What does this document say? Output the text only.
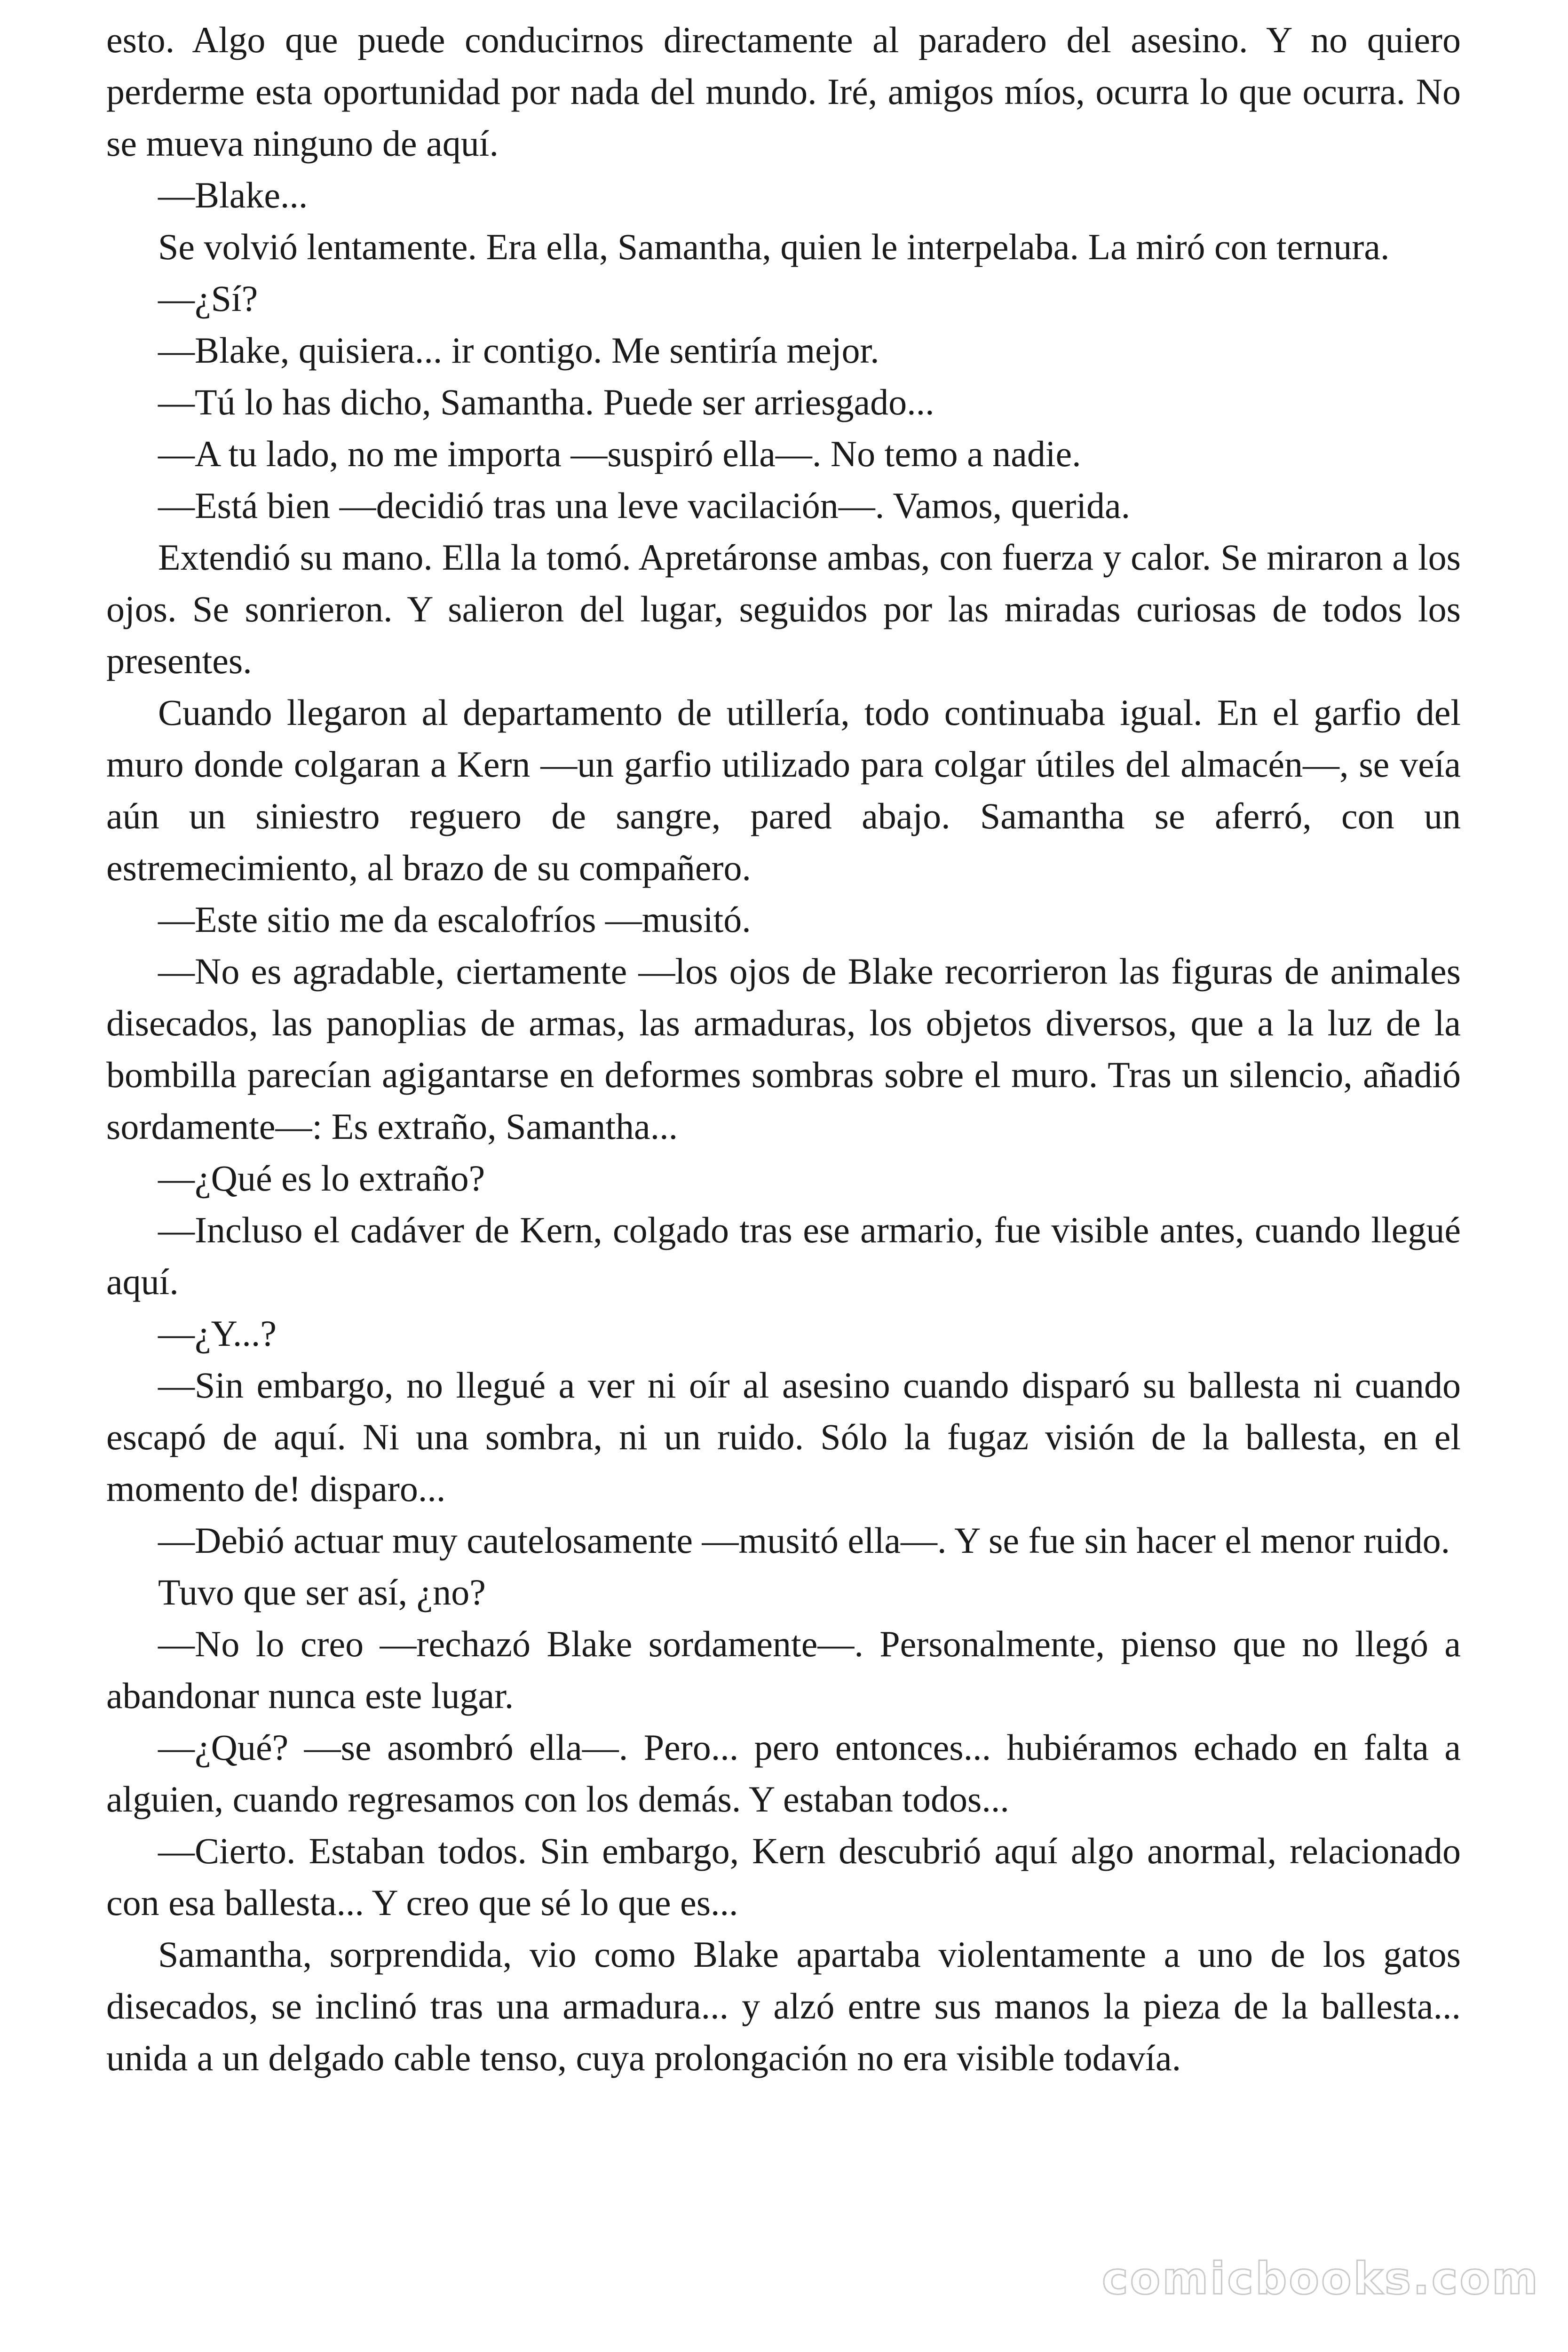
esto. Algo que puede conducirnos directamente al paradero del asesino. Y no quiero perderme esta oportunidad por nada del mundo. Iré, amigos míos, ocurra lo que ocurra. No se mueva ninguno de aquí.

—Blake...

Se volvió lentamente. Era ella, Samantha, quien le interpelaba. La miró con ternura.

—¿Sí?

—Blake, quisiera... ir contigo. Me sentiría mejor.

—Tú lo has dicho, Samantha. Puede ser arriesgado...

—A tu lado, no me importa —suspiró ella—. No temo a nadie.

—Está bien —decidió tras una leve vacilación—. Vamos, querida.

Extendió su mano. Ella la tomó. Apretáronse ambas, con fuerza y calor. Se miraron a los ojos. Se sonrieron. Y salieron del lugar, seguidos por las miradas curiosas de todos los presentes.

Cuando llegaron al departamento de utillería, todo continuaba igual. En el garfio del muro donde colgaran a Kern —un garfio utilizado para colgar útiles del almacén—, se veía aún un siniestro reguero de sangre, pared abajo. Samantha se aferró, con un estremecimiento, al brazo de su compañero.

—Este sitio me da escalofríos —musitó.

—No es agradable, ciertamente —los ojos de Blake recorrieron las figuras de animales disecados, las panoplias de armas, las armaduras, los objetos diversos, que a la luz de la bombilla parecían agigantarse en deformes sombras sobre el muro. Tras un silencio, añadió sordamente—: Es extraño, Samantha...

—¿Qué es lo extraño?

—Incluso el cadáver de Kern, colgado tras ese armario, fue visible antes, cuando llegué aquí.

—¿Y...?

—Sin embargo, no llegué a ver ni oír al asesino cuando disparó su ballesta ni cuando escapó de aquí. Ni una sombra, ni un ruido. Sólo la fugaz visión de la ballesta, en el momento de! disparo...

—Debió actuar muy cautelosamente —musitó ella—. Y se fue sin hacer el menor ruido.

Tuvo que ser así, ¿no?

—No lo creo —rechazó Blake sordamente—. Personalmente, pienso que no llegó a abandonar nunca este lugar.

—¿Qué? —se asombró ella—. Pero... pero entonces... hubiéramos echado en falta a alguien, cuando regresamos con los demás. Y estaban todos...

—Cierto. Estaban todos. Sin embargo, Kern descubrió aquí algo anormal, relacionado con esa ballesta... Y creo que sé lo que es...

Samantha, sorprendida, vio como Blake apartaba violentamente a uno de los gatos disecados, se inclinó tras una armadura... y alzó entre sus manos la pieza de la ballesta... unida a un delgado cable tenso, cuya prolongación no era visible todavía.

comicbooks.com
